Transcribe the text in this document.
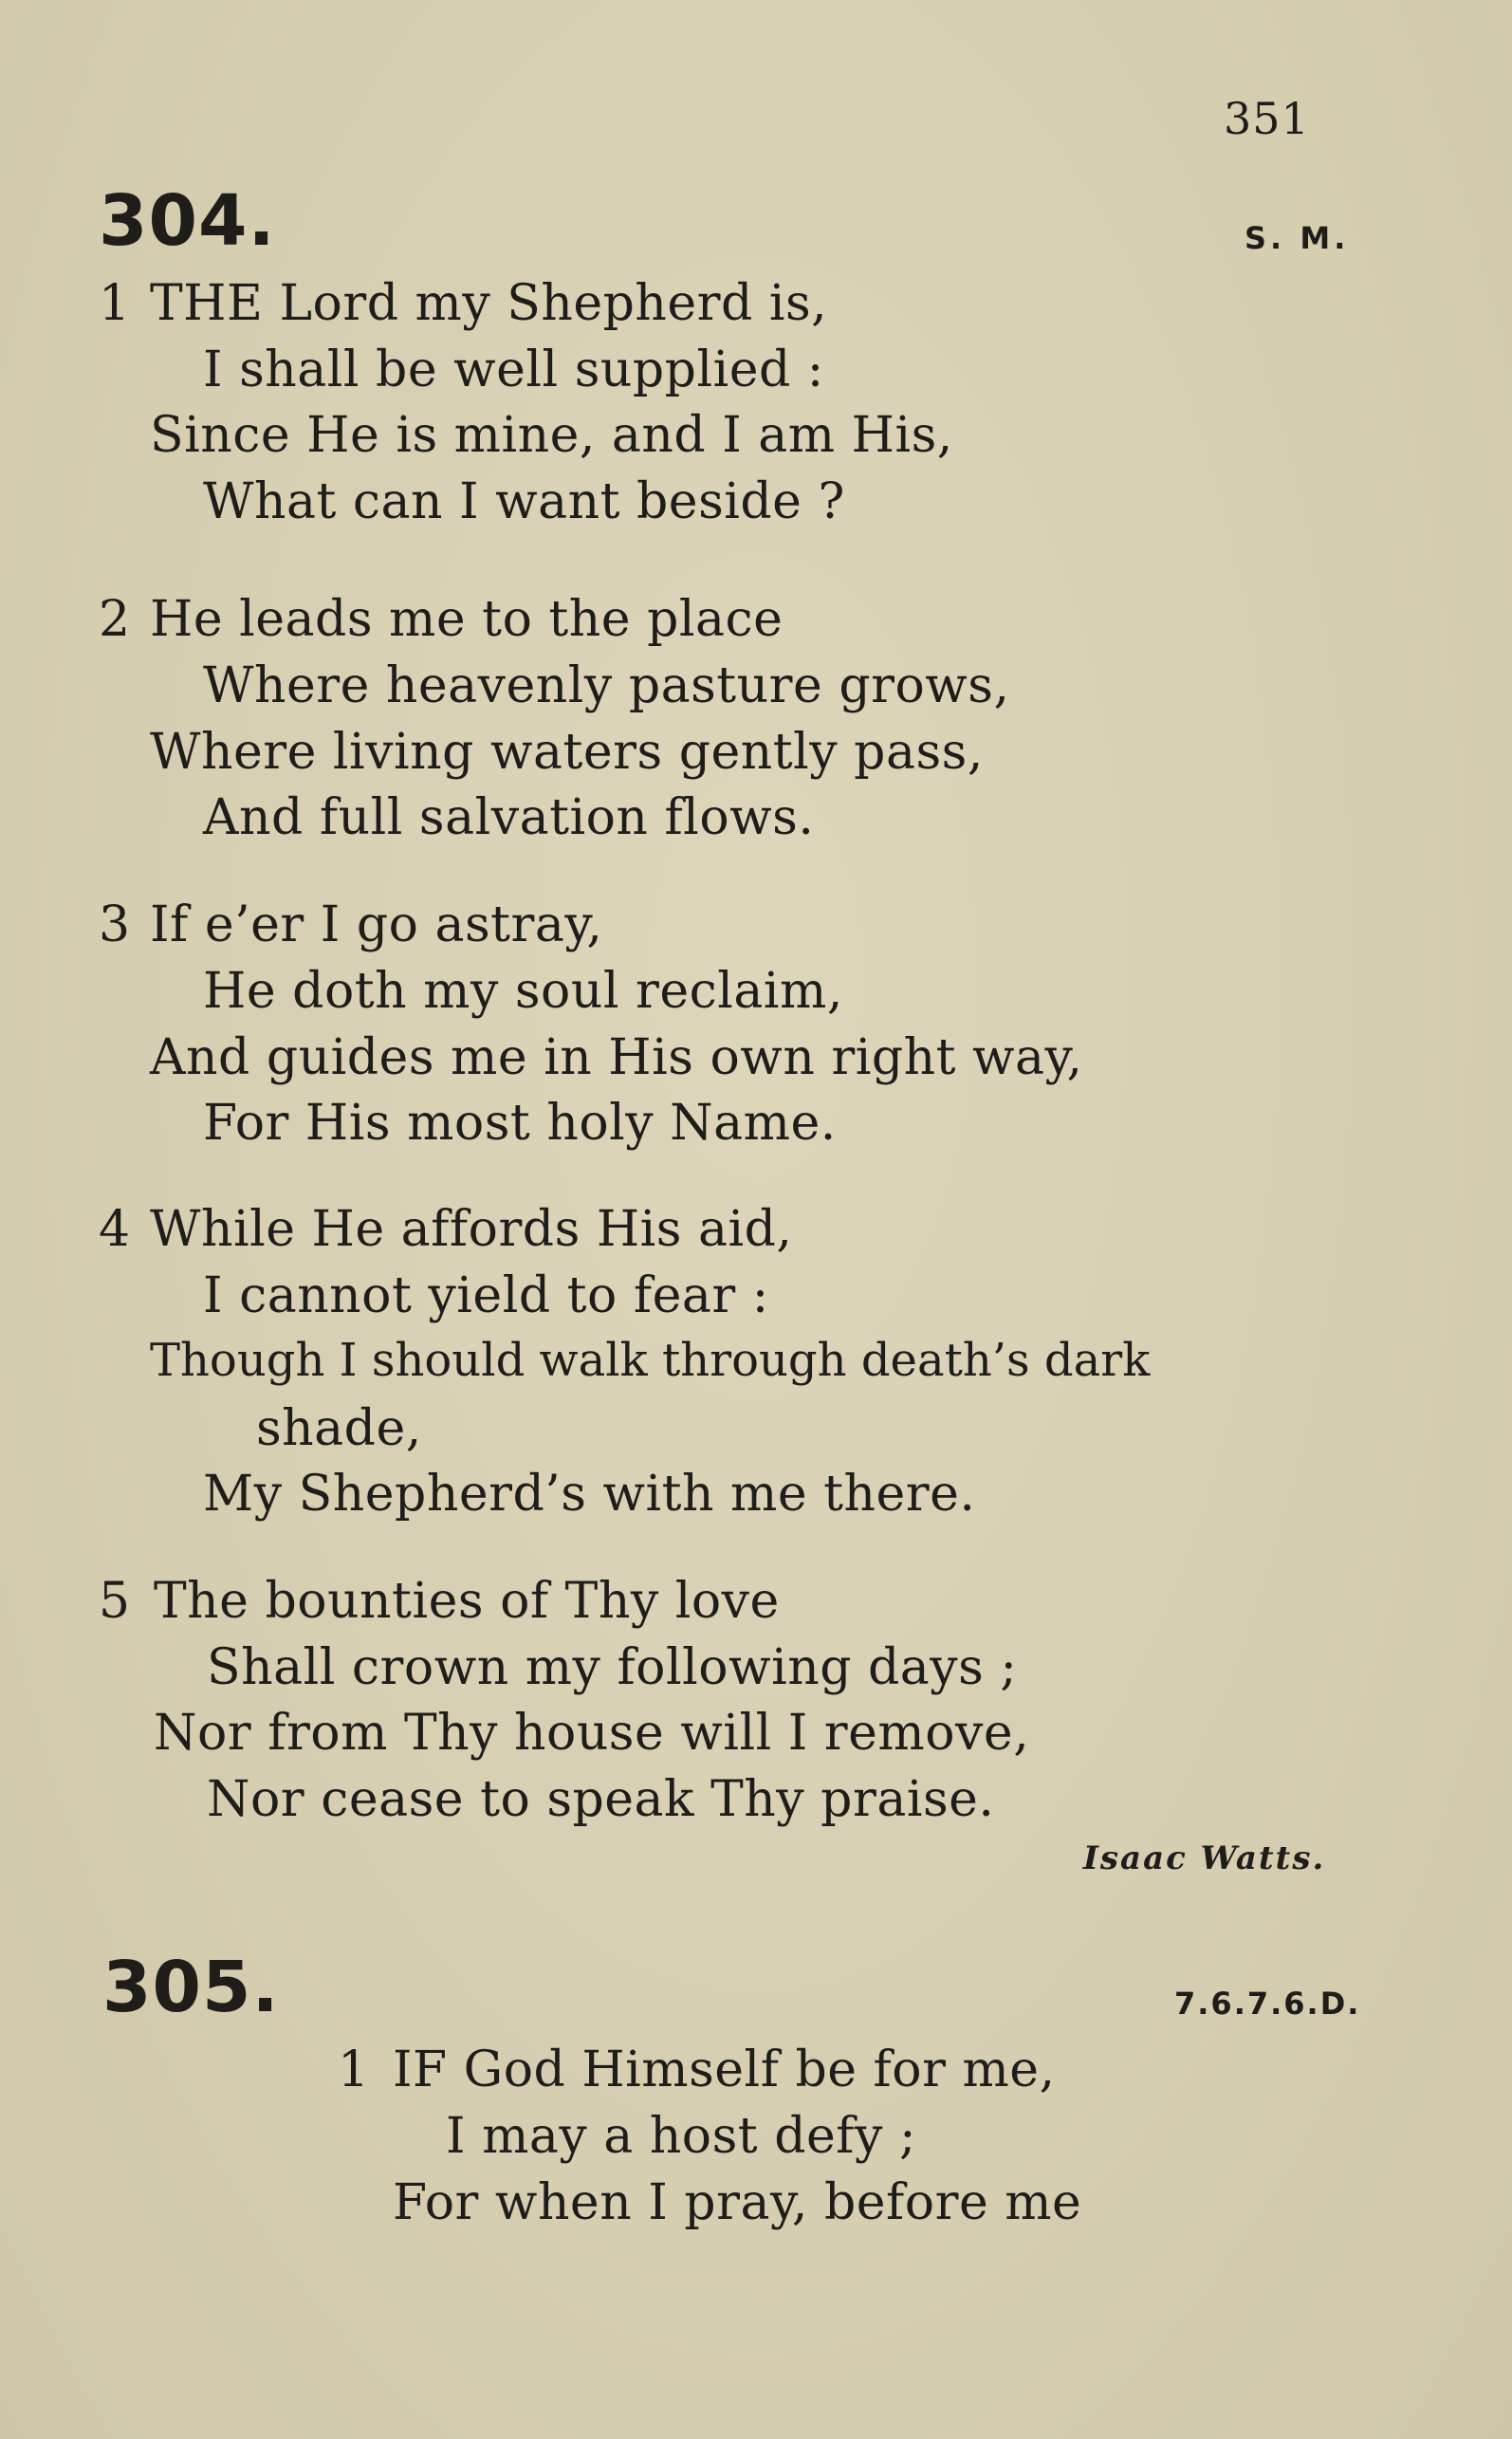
351
304.	S. M.
1 THE Lord my Shepherd is,
I shall be well supplied :
Since He is mine, and I am His,
What can I want beside ?
2 He leads me to the place
Where heavenly pasture grows,
Where living waters gently pass,
And full salvation flows.
3 If e’er I go astray,
He doth my soul reclaim,
And guides me in His own right way,
For His most holy Name.
4 While He affords His aid,
I cannot yield to fear :
Though I should walk through death’s dark
shade,
My Shepherd’s with me there.
5 The bounties of Thy love
Shall crown my following days ;
Nor from Thy house will I remove,
Nor cease to speak Thy praise.
Isaac Watts.
305.	7.6.7.6.D.
1 IF God Himself be for me,
I may a host defy ;
For when I pray, before me
